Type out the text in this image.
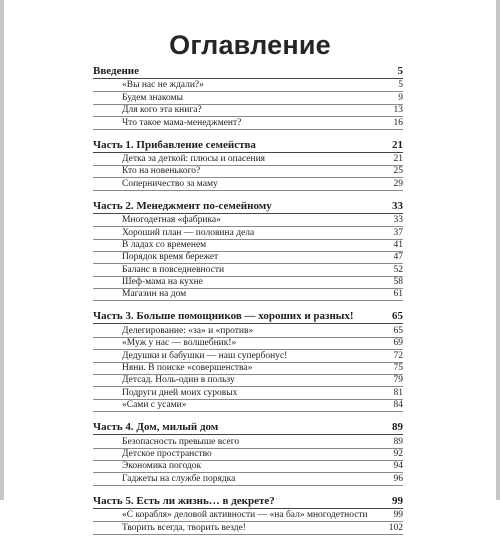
Оглавление
Введение	5
«Вы нас не ждали?»	5
Будем знакомы	9
Для кого эта книга?	13
Что такое мама-менеджмент?	16
Часть 1. Прибавление семейства	21
Детка за деткой: плюсы и опасения	21
Кто на новенького?	25
Соперничество за маму	29
Часть 2. Менеджмент по-семейному	33
Многодетная «фабрика»	33
Хороший план — половина дела	37
В ладах со временем	41
Порядок время бережет	47
Баланс в повседневности	52
Шеф-мама на кухне	58
Магазин на дом	61
Часть 3. Больше помощников — хороших и разных!	65
Делегирование: «за» и «против»	65
«Муж у нас — волшебник!»	69
Дедушки и бабушки — наш супербонус!	72
Няни. В поиске «совершенства»	75
Детсад. Ноль-один в пользу	79
Подруги дней моих суровых	81
«Сами с усами»	84
Часть 4. Дом, милый дом	89
Безопасность превыше всего	89
Детское пространство	92
Экономика погодок	94
Гаджеты на службе порядка	96
Часть 5. Есть ли жизнь… в декрете?	99
«С корабля» деловой активности — «на бал» многодетности	99
Творить всегда, творить везде!	102
